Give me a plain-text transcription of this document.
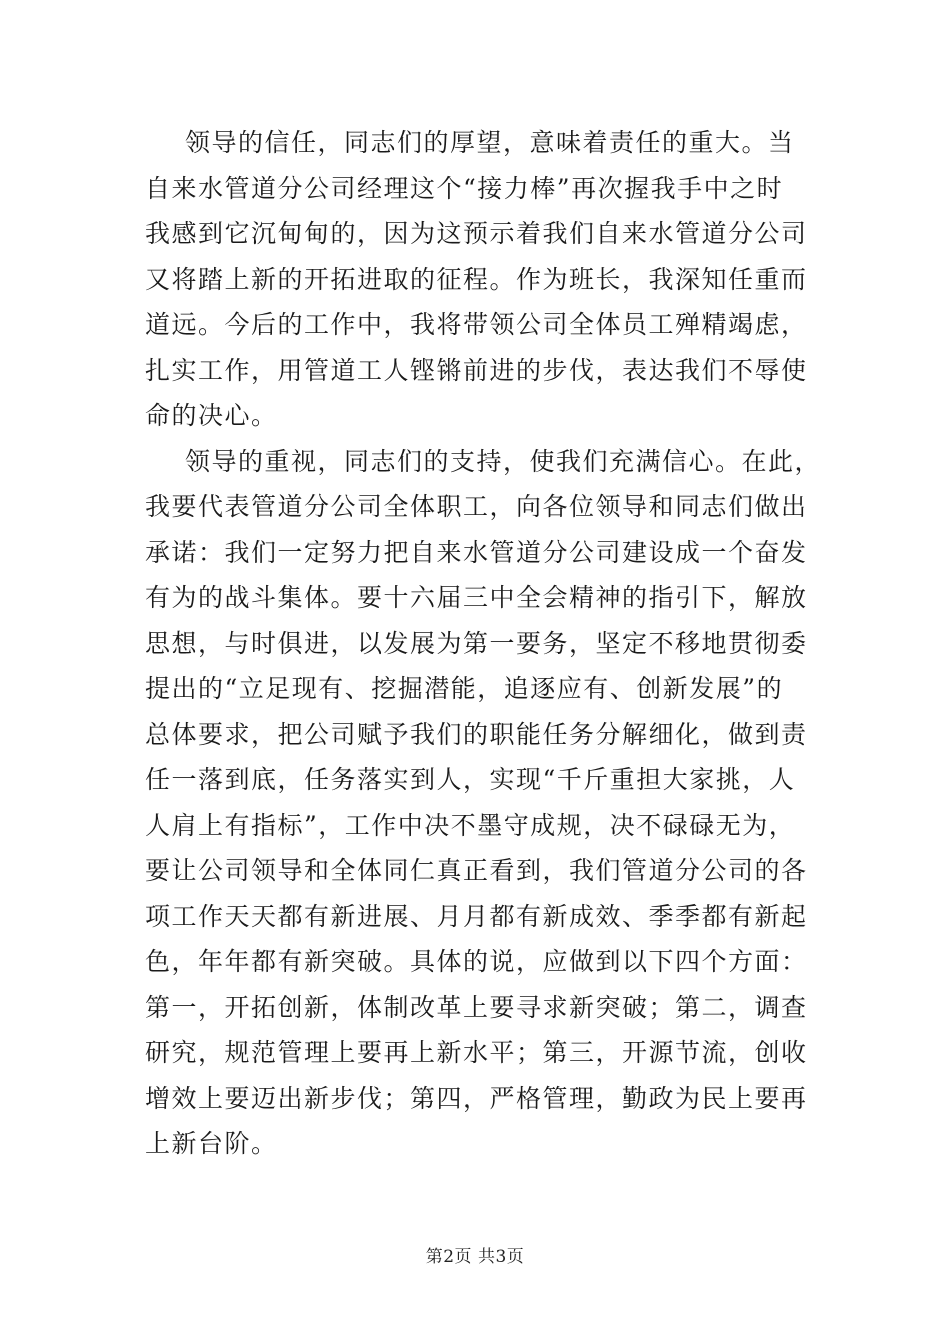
领导的信任，同志们的厚望，意味着责任的重大。当
自来水管道分公司经理这个“接力棒”再次握我手中之时
我感到它沉甸甸的，因为这预示着我们自来水管道分公司
又将踏上新的开拓进取的征程。作为班长，我深知任重而
道远。今后的工作中，我将带领公司全体员工殚精竭虑，
扎实工作，用管道工人铿锵前进的步伐，表达我们不辱使
命的决心。
领导的重视，同志们的支持，使我们充满信心。在此，
我要代表管道分公司全体职工，向各位领导和同志们做出
承诺：我们一定努力把自来水管道分公司建设成一个奋发
有为的战斗集体。要十六届三中全会精神的指引下，解放
思想，与时俱进，以发展为第一要务，坚定不移地贯彻委
提出的“立足现有、挖掘潜能，追逐应有、创新发展”的
总体要求，把公司赋予我们的职能任务分解细化，做到责
任一落到底，任务落实到人，实现“千斤重担大家挑，人
人肩上有指标”，工作中决不墨守成规，决不碌碌无为，
要让公司领导和全体同仁真正看到，我们管道分公司的各
项工作天天都有新进展、月月都有新成效、季季都有新起
色，年年都有新突破。具体的说，应做到以下四个方面：
第一，开拓创新，体制改革上要寻求新突破；第二，调查
研究，规范管理上要再上新水平；第三，开源节流，创收
增效上要迈出新步伐；第四，严格管理，勤政为民上要再
上新台阶。
第2页 共3页
